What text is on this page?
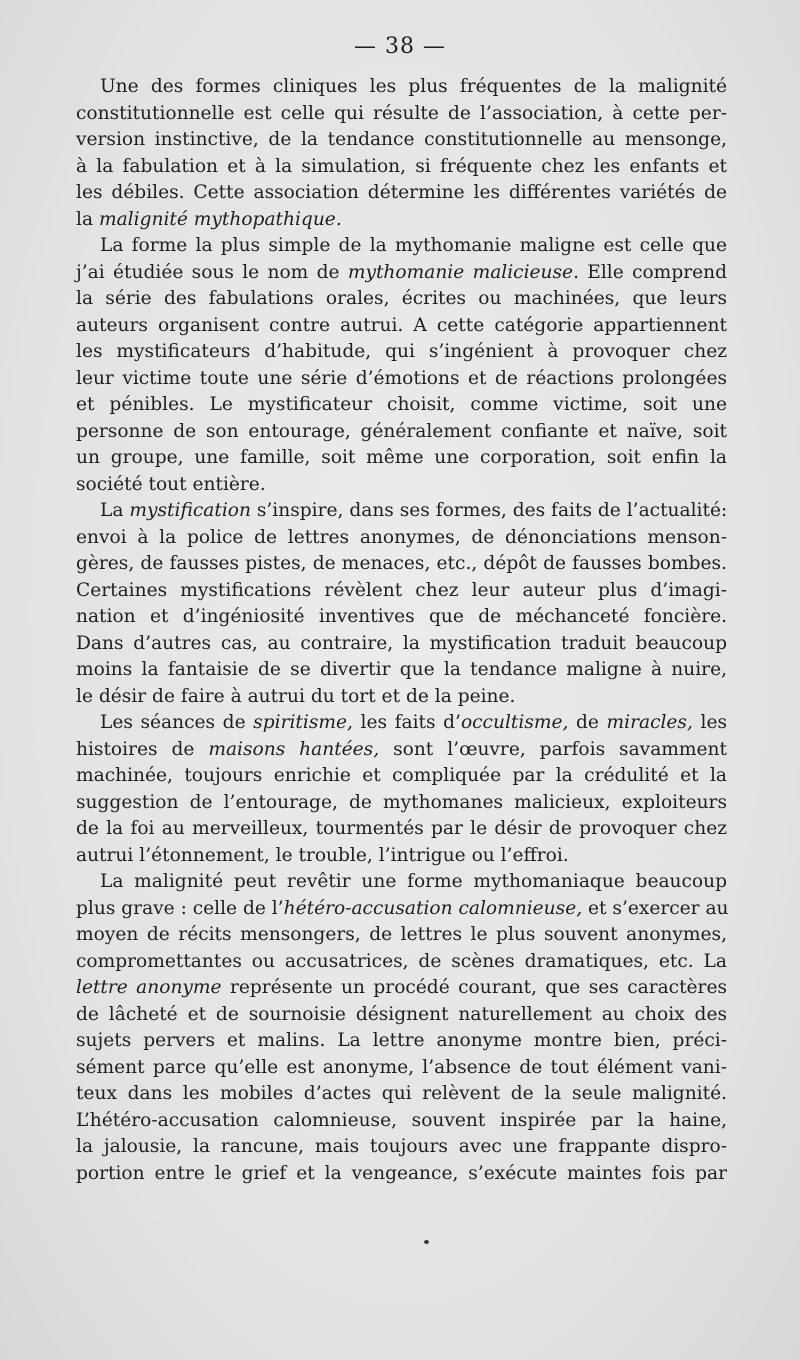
— 38 —
Une des formes cliniques les plus fréquentes de la malignité
constitutionnelle est celle qui résulte de l’association, à cette per-
version instinctive, de la tendance constitutionnelle au mensonge,
à la fabulation et à la simulation, si fréquente chez les enfants et
les débiles. Cette association détermine les différentes variétés de
la malignité mythopathique.
La forme la plus simple de la mythomanie maligne est celle que
j’ai étudiée sous le nom de mythomanie malicieuse. Elle comprend
la série des fabulations orales, écrites ou machinées, que leurs
auteurs organisent contre autrui. A cette catégorie appartiennent
les mystificateurs d’habitude, qui s’ingénient à provoquer chez
leur victime toute une série d’émotions et de réactions prolongées
et pénibles. Le mystificateur choisit, comme victime, soit une
personne de son entourage, généralement confiante et naïve, soit
un groupe, une famille, soit même une corporation, soit enfin la
société tout entière.
La mystification s’inspire, dans ses formes, des faits de l’actualité:
envoi à la police de lettres anonymes, de dénonciations menson-
gères, de fausses pistes, de menaces, etc., dépôt de fausses bombes.
Certaines mystifications révèlent chez leur auteur plus d’imagi-
nation et d’ingéniosité inventives que de méchanceté foncière.
Dans d’autres cas, au contraire, la mystification traduit beaucoup
moins la fantaisie de se divertir que la tendance maligne à nuire,
le désir de faire à autrui du tort et de la peine.
Les séances de spiritisme, les faits d’occultisme, de miracles, les
histoires de maisons hantées, sont l’œuvre, parfois savamment
machinée, toujours enrichie et compliquée par la crédulité et la
suggestion de l’entourage, de mythomanes malicieux, exploiteurs
de la foi au merveilleux, tourmentés par le désir de provoquer chez
autrui l’étonnement, le trouble, l’intrigue ou l’effroi.
La malignité peut revêtir une forme mythomaniaque beaucoup
plus grave : celle de l’hétéro-accusation calomnieuse, et s’exercer au
moyen de récits mensongers, de lettres le plus souvent anonymes,
compromettantes ou accusatrices, de scènes dramatiques, etc. La
lettre anonyme représente un procédé courant, que ses caractères
de lâcheté et de sournoisie désignent naturellement au choix des
sujets pervers et malins. La lettre anonyme montre bien, préci-
sément parce qu’elle est anonyme, l’absence de tout élément vani-
teux dans les mobiles d’actes qui relèvent de la seule malignité.
L’hétéro-accusation calomnieuse, souvent inspirée par la haine,
la jalousie, la rancune, mais toujours avec une frappante dispro-
portion entre le grief et la vengeance, s’exécute maintes fois par
